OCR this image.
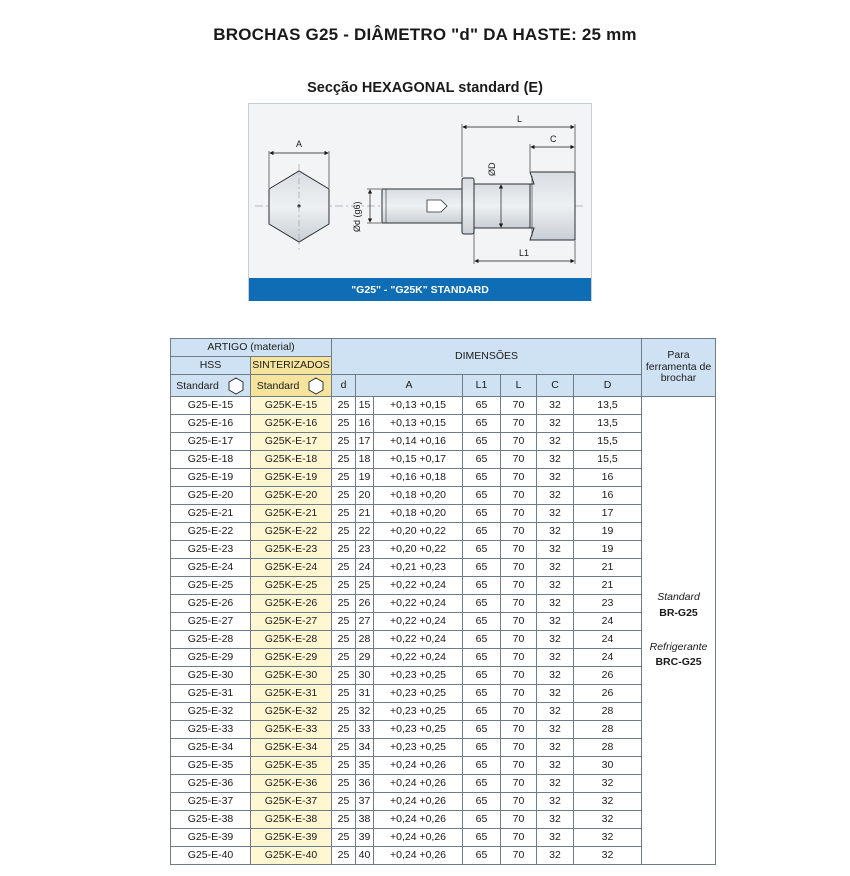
BROCHAS G25 - DIÂMETRO "d" DA HASTE: 25 mm
Secção HEXAGONAL standard (E)
A
Ød (g6)
ØD
L
C
L1
"G25" - "G25K" STANDARD
ARTIGO (material)		DIMENSÕES							Para ferramenta de brochar
HSS	SINTERIZADOS								
Standard	Standard	d	A		L1	L	C	D	
G25-E-15	G25K-E-15	25	15	+0,13 +0,15	65	70	32	13,5	Standard
BR-G25
Refrigerante
BRC-G25

G25-E-16	G25K-E-16	25	16	+0,13 +0,15	65	70	32	13,5	
G25-E-17	G25K-E-17	25	17	+0,14 +0,16	65	70	32	15,5	
G25-E-18	G25K-E-18	25	18	+0,15 +0,17	65	70	32	15,5	
G25-E-19	G25K-E-19	25	19	+0,16 +0,18	65	70	32	16	
G25-E-20	G25K-E-20	25	20	+0,18 +0,20	65	70	32	16	
G25-E-21	G25K-E-21	25	21	+0,18 +0,20	65	70	32	17	
G25-E-22	G25K-E-22	25	22	+0,20 +0,22	65	70	32	19	
G25-E-23	G25K-E-23	25	23	+0,20 +0,22	65	70	32	19	
G25-E-24	G25K-E-24	25	24	+0,21 +0,23	65	70	32	21	
G25-E-25	G25K-E-25	25	25	+0,22 +0,24	65	70	32	21	
G25-E-26	G25K-E-26	25	26	+0,22 +0,24	65	70	32	23	
G25-E-27	G25K-E-27	25	27	+0,22 +0,24	65	70	32	24	
G25-E-28	G25K-E-28	25	28	+0,22 +0,24	65	70	32	24	
G25-E-29	G25K-E-29	25	29	+0,22 +0,24	65	70	32	24	
G25-E-30	G25K-E-30	25	30	+0,23 +0,25	65	70	32	26	
G25-E-31	G25K-E-31	25	31	+0,23 +0,25	65	70	32	26	
G25-E-32	G25K-E-32	25	32	+0,23 +0,25	65	70	32	28	
G25-E-33	G25K-E-33	25	33	+0,23 +0,25	65	70	32	28	
G25-E-34	G25K-E-34	25	34	+0,23 +0,25	65	70	32	28	
G25-E-35	G25K-E-35	25	35	+0,24 +0,26	65	70	32	30	
G25-E-36	G25K-E-36	25	36	+0,24 +0,26	65	70	32	32	
G25-E-37	G25K-E-37	25	37	+0,24 +0,26	65	70	32	32	
G25-E-38	G25K-E-38	25	38	+0,24 +0,26	65	70	32	32	
G25-E-39	G25K-E-39	25	39	+0,24 +0,26	65	70	32	32	
G25-E-40	G25K-E-40	25	40	+0,24 +0,26	65	70	32	32	
